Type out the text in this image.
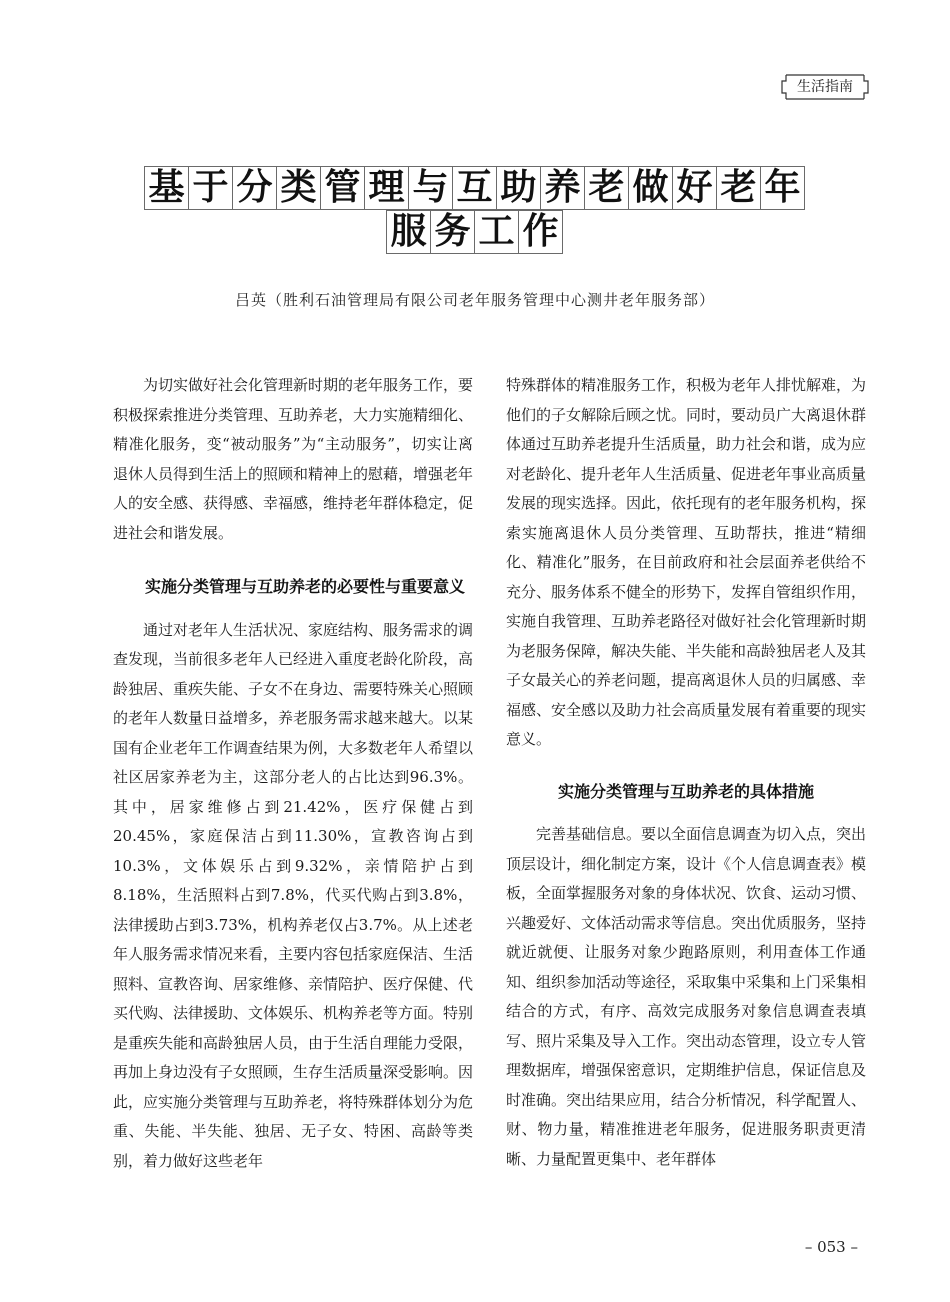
生活指南
基 于 分 类 管 理 与 互 助 养 老 做 好 老 年
服 务 工 作
吕英（胜利石油管理局有限公司老年服务管理中心测井老年服务部）

为切实做好社会化管理新时期的老年服务工作，要积极探索推进分类管理、互助养老，大力实施精细化、精准化服务，变“被动服务”为“主动服务”，切实让离退休人员得到生活上的照顾和精神上的慰藉，增强老年人的安全感、获得感、幸福感，维持老年群体稳定，促进社会和谐发展。

实施分类管理与互助养老的必要性与重要意义

通过对老年人生活状况、家庭结构、服务需求的调查发现，当前很多老年人已经进入重度老龄化阶段，高龄独居、重疾失能、子女不在身边、需要特殊关心照顾的老年人数量日益增多，养老服务需求越来越大。以某国有企业老年工作调查结果为例，大多数老年人希望以社区居家养老为主，这部分老人的占比达到96.3%。其中，居家维修占到21.42%，医疗保健占到20.45%，家庭保洁占到11.30%，宣教咨询占到10.3%，文体娱乐占到9.32%，亲情陪护占到8.18%，生活照料占到7.8%，代买代购占到3.8%，法律援助占到3.73%，机构养老仅占3.7%。从上述老年人服务需求情况来看，主要内容包括家庭保洁、生活照料、宣教咨询、居家维修、亲情陪护、医疗保健、代买代购、法律援助、文体娱乐、机构养老等方面。特别是重疾失能和高龄独居人员，由于生活自理能力受限，再加上身边没有子女照顾，生存生活质量深受影响。因此，应实施分类管理与互助养老，将特殊群体划分为危重、失能、半失能、独居、无子女、特困、高龄等类别，着力做好这些老年

特殊群体的精准服务工作，积极为老年人排忧解难，为他们的子女解除后顾之忧。同时，要动员广大离退休群体通过互助养老提升生活质量，助力社会和谐，成为应对老龄化、提升老年人生活质量、促进老年事业高质量发展的现实选择。因此，依托现有的老年服务机构，探索实施离退休人员分类管理、互助帮扶，推进“精细化、精准化”服务，在目前政府和社会层面养老供给不充分、服务体系不健全的形势下，发挥自管组织作用，实施自我管理、互助养老路径对做好社会化管理新时期为老服务保障，解决失能、半失能和高龄独居老人及其子女最关心的养老问题，提高离退休人员的归属感、幸福感、安全感以及助力社会高质量发展有着重要的现实意义。

实施分类管理与互助养老的具体措施

完善基础信息。要以全面信息调查为切入点，突出顶层设计，细化制定方案，设计《个人信息调查表》模板，全面掌握服务对象的身体状况、饮食、运动习惯、兴趣爱好、文体活动需求等信息。突出优质服务，坚持就近就便、让服务对象少跑路原则，利用查体工作通知、组织参加活动等途径，采取集中采集和上门采集相结合的方式，有序、高效完成服务对象信息调查表填写、照片采集及导入工作。突出动态管理，设立专人管理数据库，增强保密意识，定期维护信息，保证信息及时准确。突出结果应用，结合分析情况，科学配置人、财、物力量，精准推进老年服务，促进服务职责更清晰、力量配置更集中、老年群体

– 053 –
